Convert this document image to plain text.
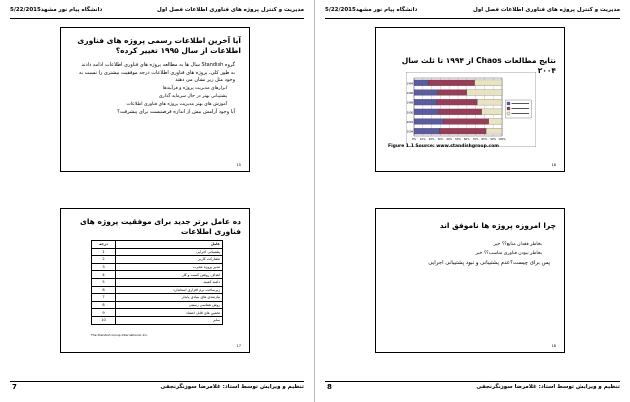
مدیریت و کنترل پروژه های فناوری اطلاعات فصل اول
دانشگاه پیام نور مشهد5/22/2015
آیا آخرین اطلاعات رسمی پروژه های فناوری اطلاعات از سال ۱۹۹۵ تغییر کرده؟
گروه Standish سال ها به مطالعه پروژه های فناوری اطلاعات ادامه دادند
به طور کلی، پروژه های فناوری اطلاعات درجه موفقیت بیشتری را نسبت به وجود مثل زیر نشان می دهند
ابزارهای مدیریت پروژه و فرآیندها
پشتیبانی بهتر در حال سرمایه گذاری
آموزش های بهتر مدیریت پروژه های فناوری اطلاعات
آیا وجود آرامش بیش از اندازه فرصتیست برای پیشرفت؟
15
ده عامل برتر جدید برای موفقیت پروژه های فناوری اطلاعات
عامل	درجه
پشتیبانی اجرایی	1
مشارکت کاربر	2
مدیر پروژه مجرب	3
اهداف روشن کسب و کار	4
دامنه کمینه	5
زیرساخت نرم افزاری استاندارد	6
نیازمندی های بنیادی پایدار	7
روش شناسی رسمی	8
تخمین های قابل اعتماد	9
سایر	10
The Standish Group International, Inc.
17
تنظیم و ویرایش توسط استاد: غلامرضا سوزنگرنجفی
7
مدیریت و کنترل پروژه های فناوری اطلاعات فصل اول
دانشگاه پیام نور مشهد5/22/2015
نتایج مطالعات Chaos از ۱۹۹۴ تا ثلث سال ۲۰۰۴
0% 10% 20% 30% 40% 50% 60% 70% 80% 90% 100%
1994
1996
1998
2000
2002
2004
Figure 1.1 Source: www.standishgroup.com
16
چرا امروزه پروژه ها ناموفق اند
بخاطر فقدان منابع؟؟ خیر
بخاطر نبودن فناوری مناسب؟؟ خیر
پس برای چیست؟عدم پشتیبانی و نبود پشتیبانی اجرایی
18
تنظیم و ویرایش توسط استاد: غلامرضا سوزنگرنجفی
8
